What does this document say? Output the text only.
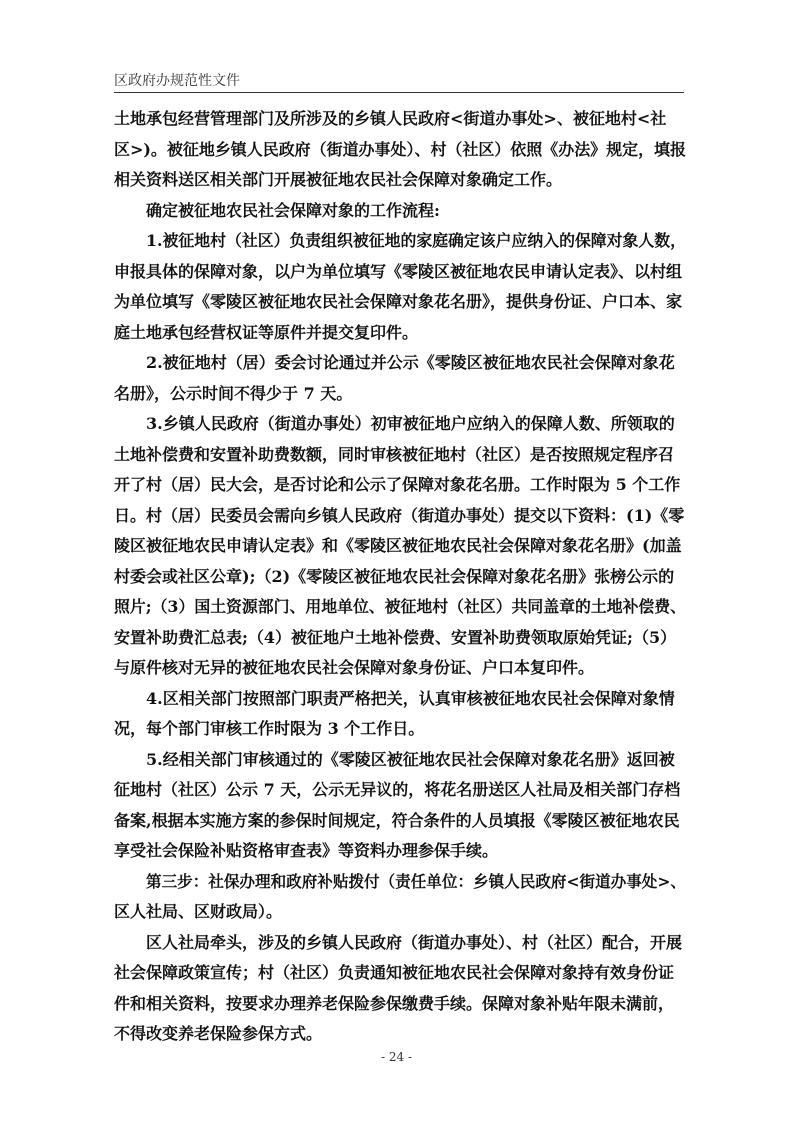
区政府办规范性文件
土地承包经营管理部门及所涉及的乡镇人民政府<街道办事处>、被征地村<社
区>)。被征地乡镇人民政府（街道办事处）、村（社区）依照《办法》规定，填报
相关资料送区相关部门开展被征地农民社会保障对象确定工作。
确定被征地农民社会保障对象的工作流程:
1.被征地村（社区）负责组织被征地的家庭确定该户应纳入的保障对象人数，
申报具体的保障对象，以户为单位填写《零陵区被征地农民申请认定表》、以村组
为单位填写《零陵区被征地农民社会保障对象花名册》，提供身份证、户口本、家
庭土地承包经营权证等原件并提交复印件。
2.被征地村（居）委会讨论通过并公示《零陵区被征地农民社会保障对象花
名册》，公示时间不得少于 7 天。
3.乡镇人民政府（街道办事处）初审被征地户应纳入的保障人数、所领取的
土地补偿费和安置补助费数额，同时审核被征地村（社区）是否按照规定程序召
开了村（居）民大会，是否讨论和公示了保障对象花名册。工作时限为 5 个工作
日。村（居）民委员会需向乡镇人民政府（街道办事处）提交以下资料：(1)《零
陵区被征地农民申请认定表》和《零陵区被征地农民社会保障对象花名册》(加盖
村委会或社区公章);（2)《零陵区被征地农民社会保障对象花名册》张榜公示的
照片;（3）国土资源部门、用地单位、被征地村（社区）共同盖章的土地补偿费、
安置补助费汇总表;（4）被征地户土地补偿费、安置补助费领取原始凭证;（5）
与原件核对无异的被征地农民社会保障对象身份证、户口本复印件。
4.区相关部门按照部门职责严格把关，认真审核被征地农民社会保障对象情
况，每个部门审核工作时限为 3 个工作日。
5.经相关部门审核通过的《零陵区被征地农民社会保障对象花名册》返回被
征地村（社区）公示 7 天，公示无异议的，将花名册送区人社局及相关部门存档
备案,根据本实施方案的参保时间规定，符合条件的人员填报《零陵区被征地农民
享受社会保险补贴资格审查表》等资料办理参保手续。
第三步：社保办理和政府补贴拨付（责任单位：乡镇人民政府<街道办事处>、
区人社局、区财政局）。
区人社局牵头，涉及的乡镇人民政府（街道办事处）、村（社区）配合，开展
社会保障政策宣传；村（社区）负责通知被征地农民社会保障对象持有效身份证
件和相关资料，按要求办理养老保险参保缴费手续。保障对象补贴年限未满前，
不得改变养老保险参保方式。
- 24 -
